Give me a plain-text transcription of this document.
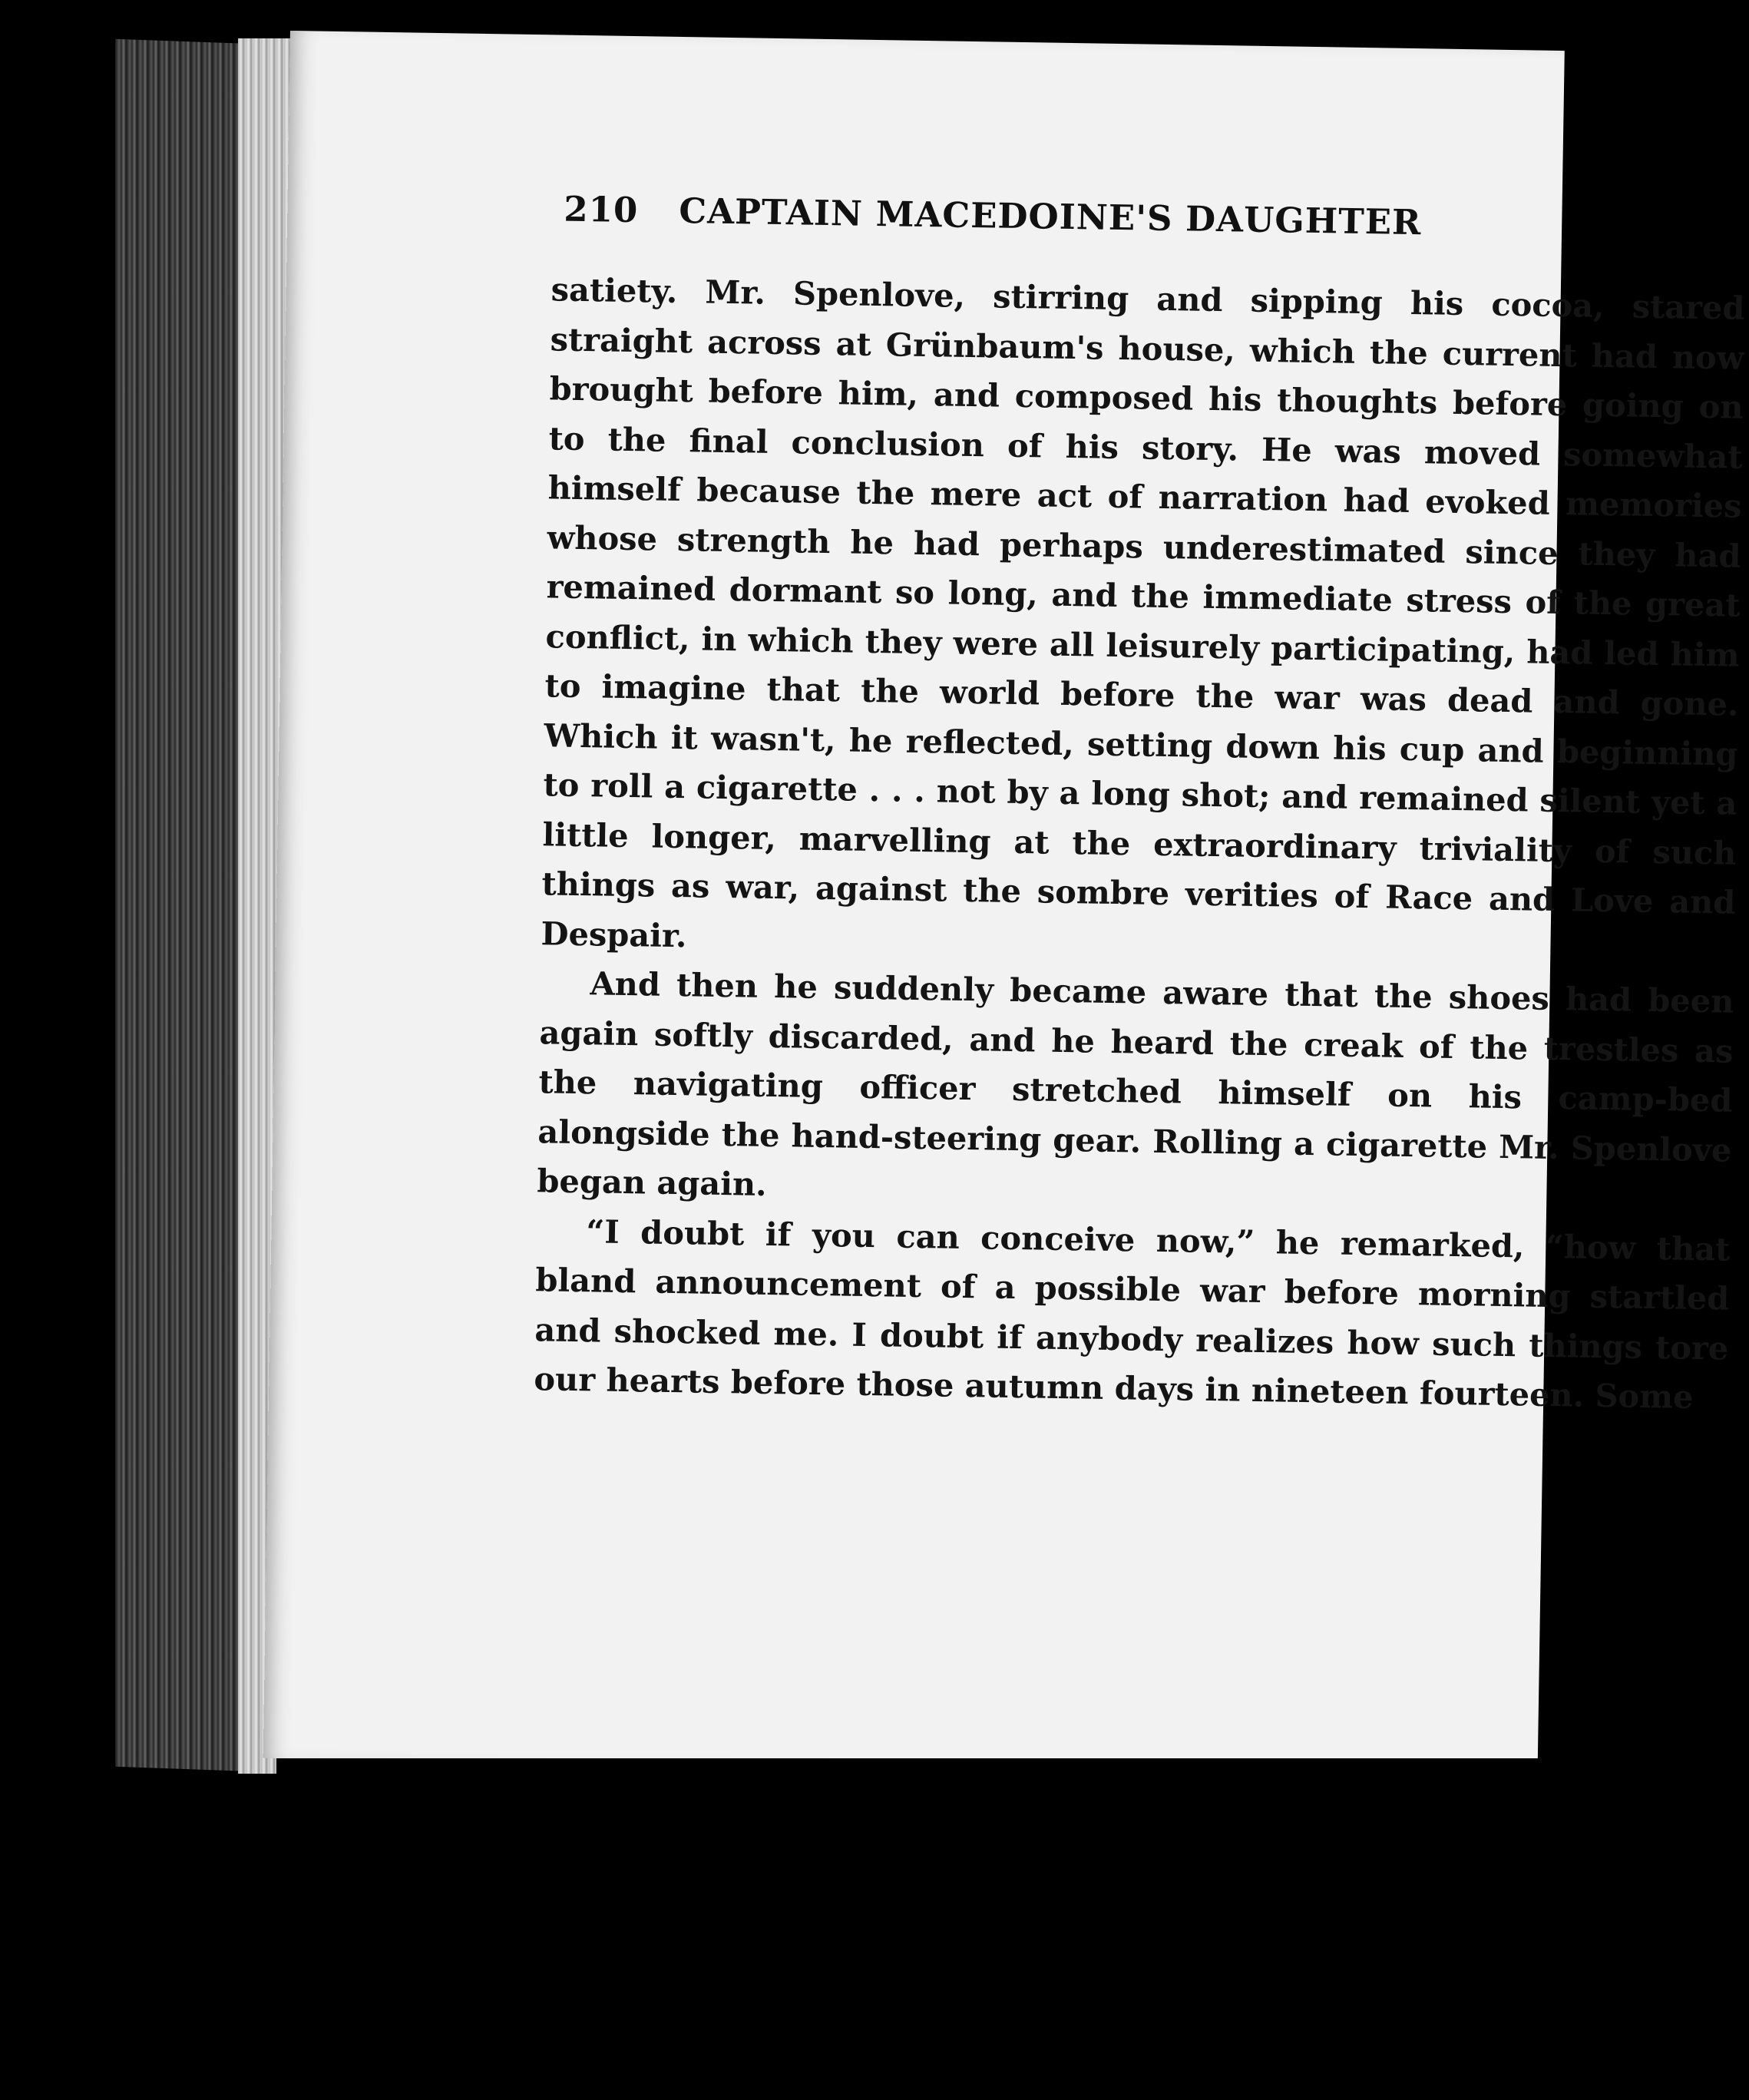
210 CAPTAIN MACEDOINE'S DAUGHTER

satiety. Mr. Spenlove, stirring and sipping his cocoa, stared straight across at Grünbaum's house, which the current had now brought before him, and composed his thoughts before going on to the final conclusion of his story. He was moved somewhat himself because the mere act of narration had evoked memories whose strength he had perhaps underestimated since they had remained dormant so long, and the immediate stress of the great conflict, in which they were all leisurely participating, had led him to imagine that the world before the war was dead and gone. Which it wasn't, he reflected, setting down his cup and beginning to roll a cigarette . . . not by a long shot; and remained silent yet a little longer, marvelling at the extraordinary triviality of such things as war, against the sombre verities of Race and Love and Despair.

And then he suddenly became aware that the shoes had been again softly discarded, and he heard the creak of the trestles as the navigating officer stretched himself on his camp-bed alongside the hand-steering gear. Rolling a cigarette Mr. Spenlove began again.

“I doubt if you can conceive now,” he remarked, “how that bland announcement of a possible war before morning startled and shocked me. I doubt if anybody realizes how such things tore our hearts before those autumn days in nineteen fourteen. Some
